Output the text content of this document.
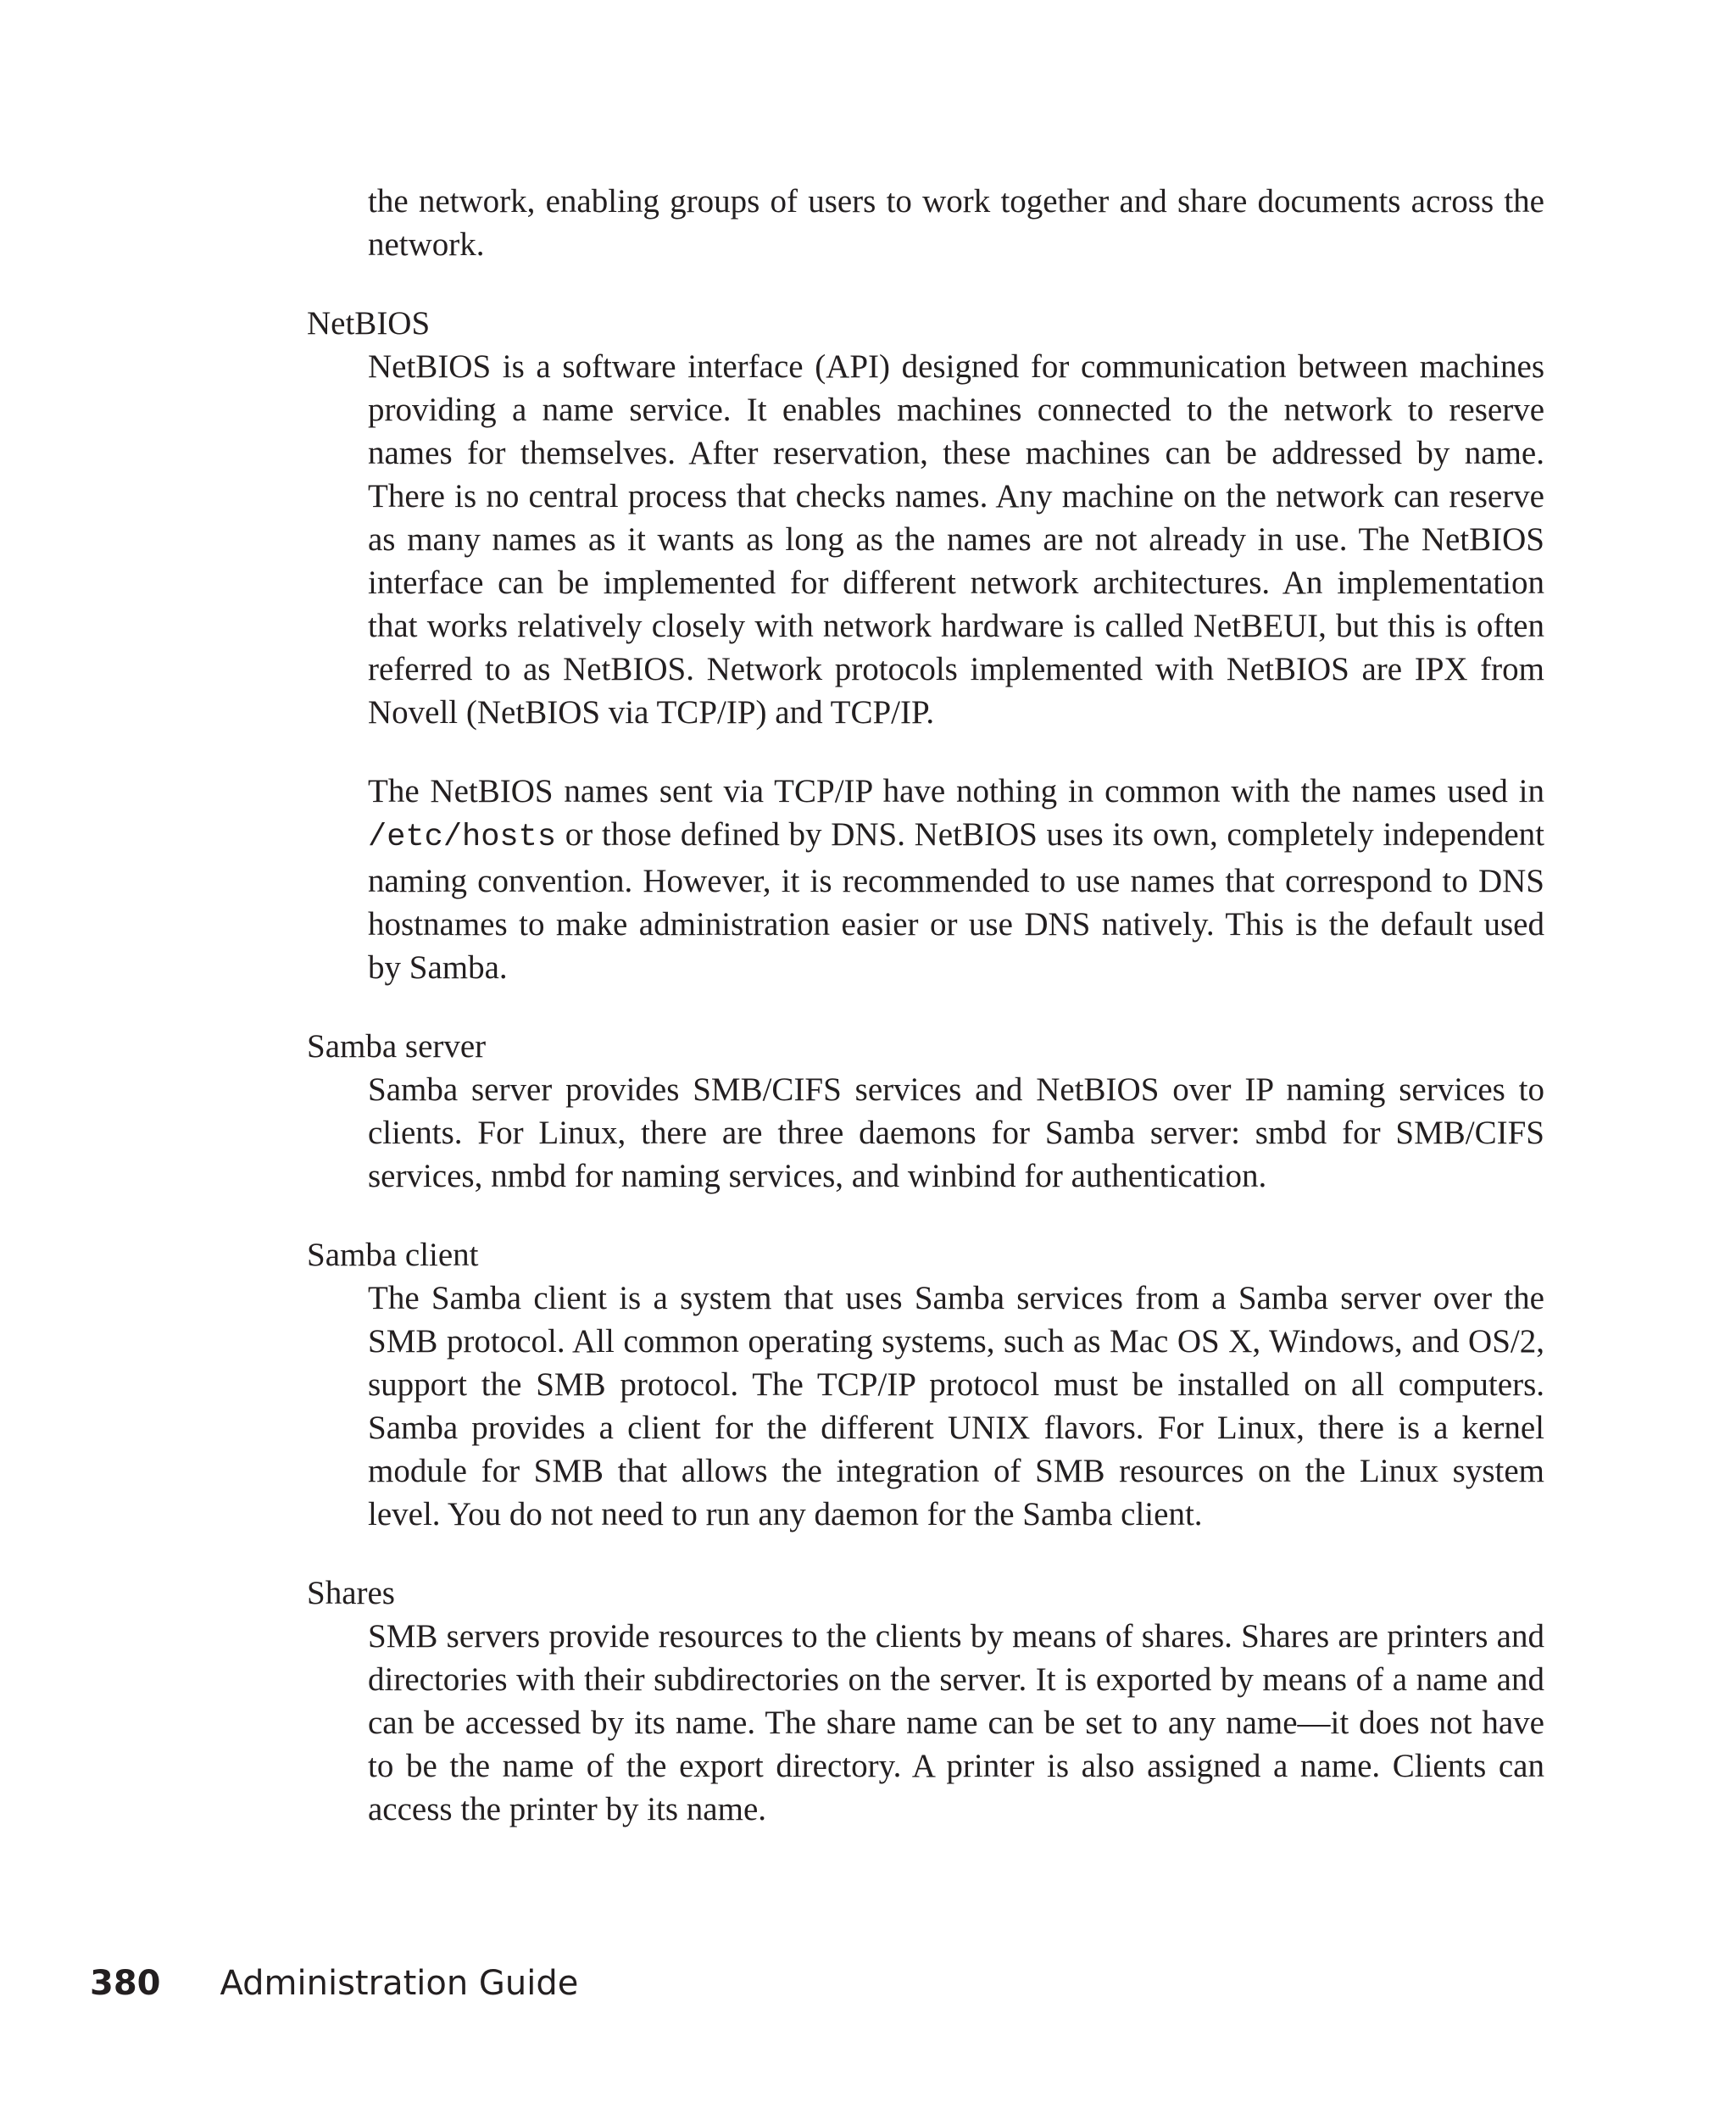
the network, enabling groups of users to work together and share documents across the network.

NetBIOS

NetBIOS is a software interface (API) designed for communication between machines providing a name service. It enables machines connected to the network to reserve names for themselves. After reservation, these machines can be addressed by name. There is no central process that checks names. Any machine on the network can reserve as many names as it wants as long as the names are not already in use. The NetBIOS interface can be implemented for different network architectures. An implementation that works relatively closely with network hardware is called NetBEUI, but this is often referred to as NetBIOS. Network protocols implemented with NetBIOS are IPX from Novell (NetBIOS via TCP/IP) and TCP/IP.

The NetBIOS names sent via TCP/IP have nothing in common with the names used in /etc/hosts or those defined by DNS. NetBIOS uses its own, completely independent naming convention. However, it is recommended to use names that correspond to DNS hostnames to make administration easier or use DNS natively. This is the default used by Samba.

Samba server

Samba server provides SMB/CIFS services and NetBIOS over IP naming services to clients. For Linux, there are three daemons for Samba server: smbd for SMB/CIFS services, nmbd for naming services, and winbind for authentication.

Samba client

The Samba client is a system that uses Samba services from a Samba server over the SMB protocol. All common operating systems, such as Mac OS X, Windows, and OS/2, support the SMB protocol. The TCP/IP protocol must be installed on all computers. Samba provides a client for the different UNIX flavors. For Linux, there is a kernel module for SMB that allows the integration of SMB resources on the Linux system level. You do not need to run any daemon for the Samba client.

Shares

SMB servers provide resources to the clients by means of shares. Shares are printers and directories with their subdirectories on the server. It is exported by means of a name and can be accessed by its name. The share name can be set to any name—it does not have to be the name of the export directory. A printer is also assigned a name. Clients can access the printer by its name.

380 Administration Guide
